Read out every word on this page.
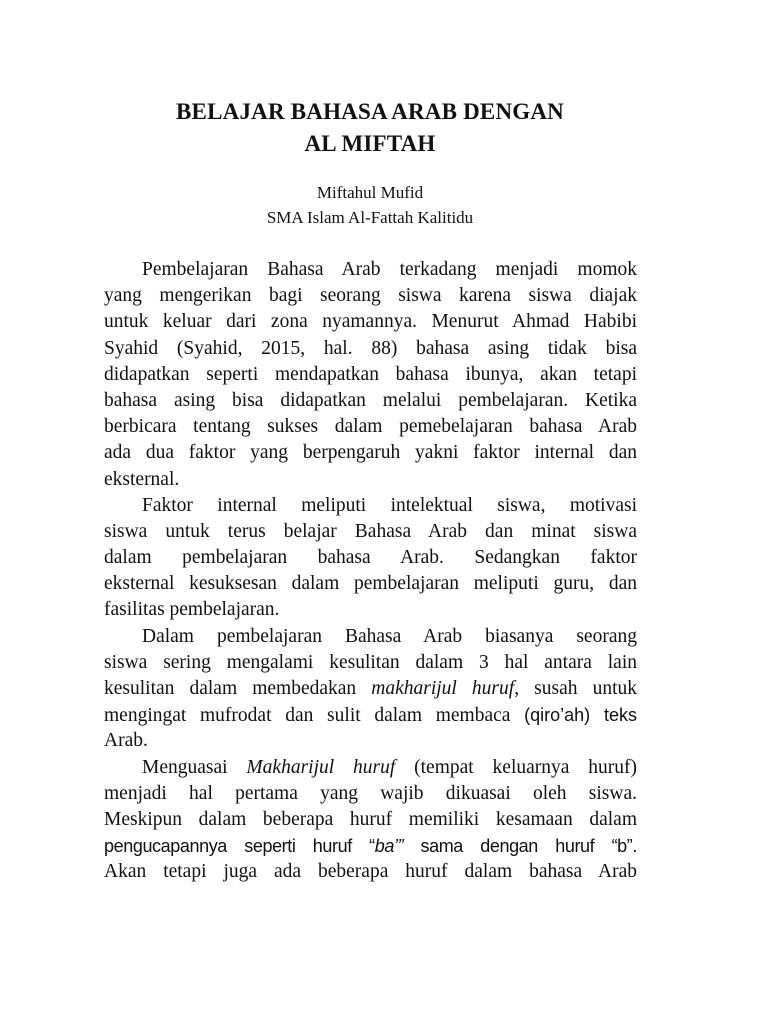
BELAJAR BAHASA ARAB DENGAN
AL MIFTAH

Miftahul Mufid

SMA Islam Al-Fattah Kalitidu

Pembelajaran Bahasa Arab terkadang menjadi momok
yang mengerikan bagi seorang siswa karena siswa diajak
untuk keluar dari zona nyamannya. Menurut Ahmad Habibi
Syahid (Syahid, 2015, hal. 88) bahasa asing tidak bisa
didapatkan seperti mendapatkan bahasa ibunya, akan tetapi
bahasa asing bisa didapatkan melalui pembelajaran. Ketika
berbicara tentang sukses dalam pemebelajaran bahasa Arab
ada dua faktor yang berpengaruh yakni faktor internal dan
eksternal.
Faktor internal meliputi intelektual siswa, motivasi
siswa untuk terus belajar Bahasa Arab dan minat siswa
dalam pembelajaran bahasa Arab. Sedangkan faktor
eksternal kesuksesan dalam pembelajaran meliputi guru, dan
fasilitas pembelajaran.
Dalam pembelajaran Bahasa Arab biasanya seorang
siswa sering mengalami kesulitan dalam 3 hal antara lain
kesulitan dalam membedakan makharijul huruf, susah untuk
mengingat mufrodat dan sulit dalam membaca (qiro’ah) teks
Arab.
Menguasai Makharijul huruf (tempat keluarnya huruf)
menjadi hal pertama yang wajib dikuasai oleh siswa.
Meskipun dalam beberapa huruf memiliki kesamaan dalam
pengucapannya seperti huruf “ba’” sama dengan huruf “b”.
Akan tetapi juga ada beberapa huruf dalam bahasa Arab
